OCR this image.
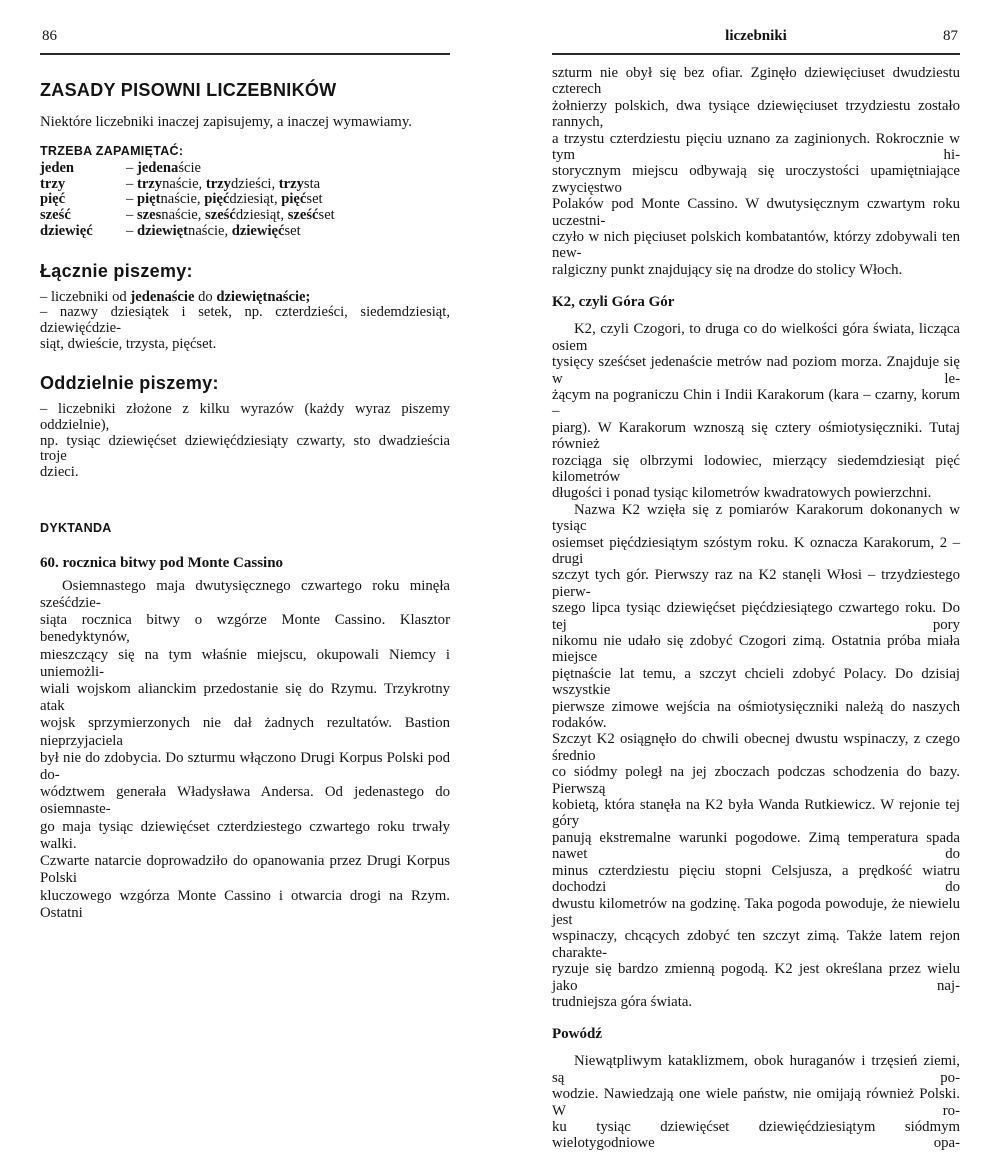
86
ZASADY PISOWNI LICZEBNIKÓW
Niektóre liczebniki inaczej zapisujemy, a inaczej wymawiamy.
TRZEBA ZAPAMIĘTAĆ:
jeden	– jedenaście
trzy	– trzynaście, trzydzieści, trzysta
pięć	– piętnaście, pięćdziesiąt, pięćset
sześć	– szesnaście, sześćdziesiąt, sześćset
dziewięć	– dziewiętnaście, dziewięćset
Łącznie piszemy:
– liczebniki od jedenaście do dziewiętnaście;
– nazwy dziesiątek i setek, np. czterdzieści, siedemdziesiąt, dziewięćdzie-
siąt, dwieście, trzysta, pięćset.
Oddzielnie piszemy:
– liczebniki złożone z kilku wyrazów (każdy wyraz piszemy oddzielnie),
np. tysiąc dziewięćset dziewięćdziesiąty czwarty, sto dwadzieścia troje
dzieci.
DYKTANDA
60. rocznica bitwy pod Monte Cassino
Osiemnastego maja dwutysięcznego czwartego roku minęła sześćdzie-
siąta rocznica bitwy o wzgórze Monte Cassino. Klasztor benedyktynów,
mieszczący się na tym właśnie miejscu, okupowali Niemcy i uniemożli-
wiali wojskom alianckim przedostanie się do Rzymu. Trzykrotny atak
wojsk sprzymierzonych nie dał żadnych rezultatów. Bastion nieprzyjaciela
był nie do zdobycia. Do szturmu włączono Drugi Korpus Polski pod do-
wództwem generała Władysława Andersa. Od jedenastego do osiemnaste-
go maja tysiąc dziewięćset czterdziestego czwartego roku trwały walki.
Czwarte natarcie doprowadziło do opanowania przez Drugi Korpus Polski
kluczowego wzgórza Monte Cassino i otwarcia drogi na Rzym. Ostatni
liczebniki	87
szturm nie obył się bez ofiar. Zginęło dziewięciuset dwudziestu czterech
żołnierzy polskich, dwa tysiące dziewięciuset trzydziestu zostało rannych,
a trzystu czterdziestu pięciu uznano za zaginionych. Rokrocznie w tym hi-
storycznym miejscu odbywają się uroczystości upamiętniające zwycięstwo
Polaków pod Monte Cassino. W dwutysięcznym czwartym roku uczestni-
czyło w nich pięciuset polskich kombatantów, którzy zdobywali ten new-
ralgiczny punkt znajdujący się na drodze do stolicy Włoch.
K2, czyli Góra Gór
K2, czyli Czogori, to druga co do wielkości góra świata, licząca osiem
tysięcy sześćset jedenaście metrów nad poziom morza. Znajduje się w le-
żącym na pograniczu Chin i Indii Karakorum (kara – czarny, korum –
piarg). W Karakorum wznoszą się cztery ośmiotysięczniki. Tutaj również
rozciąga się olbrzymi lodowiec, mierzący siedemdziesiąt pięć kilometrów
długości i ponad tysiąc kilometrów kwadratowych powierzchni.
Nazwa K2 wzięła się z pomiarów Karakorum dokonanych w tysiąc
osiemset pięćdziesiątym szóstym roku. K oznacza Karakorum, 2 – drugi
szczyt tych gór. Pierwszy raz na K2 stanęli Włosi – trzydziestego pierw-
szego lipca tysiąc dziewięćset pięćdziesiątego czwartego roku. Do tej pory
nikomu nie udało się zdobyć Czogori zimą. Ostatnia próba miała miejsce
piętnaście lat temu, a szczyt chcieli zdobyć Polacy. Do dzisiaj wszystkie
pierwsze zimowe wejścia na ośmiotysięczniki należą do naszych rodaków.
Szczyt K2 osiągnęło do chwili obecnej dwustu wspinaczy, z czego średnio
co siódmy poległ na jej zboczach podczas schodzenia do bazy. Pierwszą
kobietą, która stanęła na K2 była Wanda Rutkiewicz. W rejonie tej góry
panują ekstremalne warunki pogodowe. Zimą temperatura spada nawet do
minus czterdziestu pięciu stopni Celsjusza, a prędkość wiatru dochodzi do
dwustu kilometrów na godzinę. Taka pogoda powoduje, że niewielu jest
wspinaczy, chcących zdobyć ten szczyt zimą. Także latem rejon charakte-
ryzuje się bardzo zmienną pogodą. K2 jest określana przez wielu jako naj-
trudniejsza góra świata.
Powódź
Niewątpliwym kataklizmem, obok huraganów i trzęsień ziemi, są po-
wodzie. Nawiedzają one wiele państw, nie omijają również Polski. W ro-
ku tysiąc dziewięćset dziewięćdziesiątym siódmym wielotygodniowe opa-
